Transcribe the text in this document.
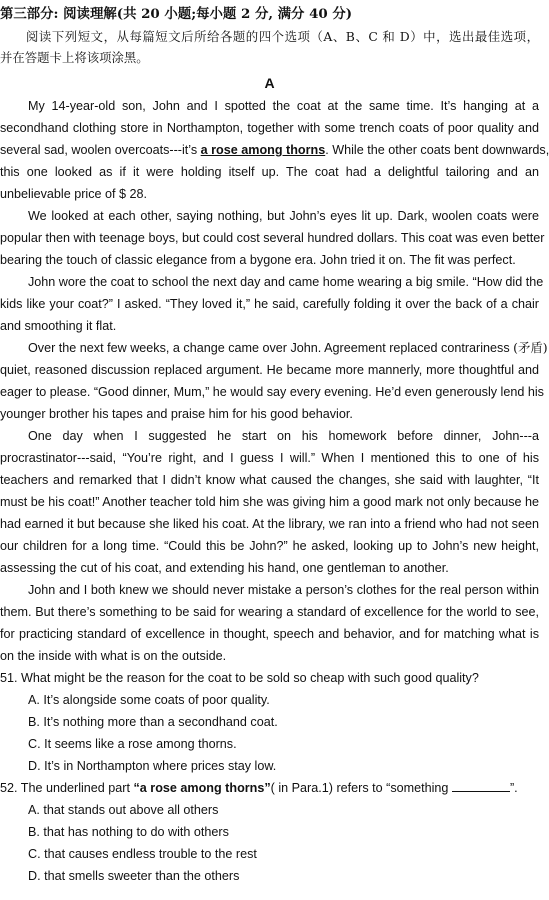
第三部分: 阅读理解(共 20 小题;每小题 2 分, 满分 40 分)
阅读下列短文，从每篇短文后所给各题的四个选项（A、B、C 和 D）中，选出最佳选项，
并在答题卡上将该项涂黑。
A
My 14-year-old son, John and I spotted the coat at the same time. It’s hanging at a
secondhand clothing store in Northampton, together with some trench coats of poor quality and
several sad, woolen overcoats---it’s a rose among thorns. While the other coats bent downwards,
this one looked as if it were holding itself up. The coat had a delightful tailoring and an
unbelievable price of $ 28.
We looked at each other, saying nothing, but John’s eyes lit up. Dark, woolen coats were
popular then with teenage boys, but could cost several hundred dollars. This coat was even better
bearing the touch of classic elegance from a bygone era. John tried it on. The fit was perfect.
John wore the coat to school the next day and came home wearing a big smile. “How did the
kids like your coat?” I asked. “They loved it,” he said, carefully folding it over the back of a chair
and smoothing it flat.
Over the next few weeks, a change came over John. Agreement replaced contrariness (矛盾)
quiet, reasoned discussion replaced argument. He became more mannerly, more thoughtful and
eager to please. “Good dinner, Mum,” he would say every evening. He’d even generously lend his
younger brother his tapes and praise him for his good behavior.
One day when I suggested he start on his homework before dinner, John---a
procrastinator---said, “You’re right, and I guess I will.” When I mentioned this to one of his
teachers and remarked that I didn’t know what caused the changes, she said with laughter, “It
must be his coat!” Another teacher told him she was giving him a good mark not only because he
had earned it but because she liked his coat. At the library, we ran into a friend who had not seen
our children for a long time. “Could this be John?” he asked, looking up to John’s new height,
assessing the cut of his coat, and extending his hand, one gentleman to another.
John and I both knew we should never mistake a person’s clothes for the real person within
them. But there’s something to be said for wearing a standard of excellence for the world to see,
for practicing standard of excellence in thought, speech and behavior, and for matching what is
on the inside with what is on the outside.
51. What might be the reason for the coat to be sold so cheap with such good quality?
A. It’s alongside some coats of poor quality.
B. It’s nothing more than a secondhand coat.
C. It seems like a rose among thorns.
D. It’s in Northampton where prices stay low.
52. The underlined part “a rose among thorns”( in Para.1) refers to “something	”.
A. that stands out above all others
B. that has nothing to do with others
C. that causes endless trouble to the rest
D. that smells sweeter than the others
